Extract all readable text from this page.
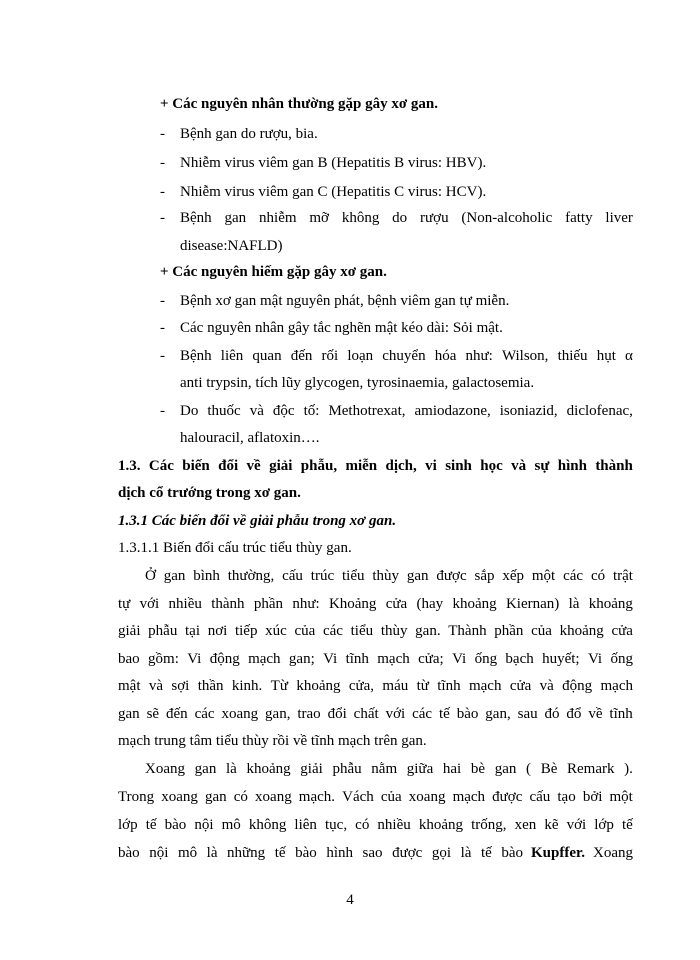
+ Các nguyên nhân thường gặp gây xơ gan.
- Bệnh gan do rượu, bia.
- Nhiễm virus viêm gan B (Hepatitis B virus: HBV).
- Nhiễm virus viêm gan C (Hepatitis C virus: HCV).
- Bệnh gan nhiễm mỡ không do rượu (Non-alcoholic fatty liver
disease:NAFLD)
+ Các nguyên hiếm gặp gây xơ gan.
- Bệnh xơ gan mật nguyên phát, bệnh viêm gan tự miễn.
- Các nguyên nhân gây tắc nghẽn mật kéo dài: Sỏi mật.
- Bệnh liên quan đến rối loạn chuyển hóa như: Wilson, thiếu hụt α
anti trypsin, tích lũy glycogen, tyrosinaemia, galactosemia.
- Do thuốc và độc tố: Methotrexat, amiodazone, isoniazid, diclofenac,
halouracil, aflatoxin….
1.3. Các biến đổi về giải phẫu, miễn dịch, vi sinh học và sự hình thành
dịch cổ trướng trong xơ gan.
1.3.1 Các biến đổi về giải phẫu trong xơ gan.
1.3.1.1 Biến đổi cấu trúc tiểu thùy gan.
Ở gan bình thường, cấu trúc tiểu thùy gan được sắp xếp một các có trật
tự với nhiều thành phần như: Khoảng cửa (hay khoảng Kiernan) là khoảng
giải phẫu tại nơi tiếp xúc của các tiểu thùy gan. Thành phần của khoảng cửa
bao gồm: Vi động mạch gan; Vi tĩnh mạch cửa; Vi ống bạch huyết; Vi ống
mật và sợi thần kinh. Từ khoảng cửa, máu từ tĩnh mạch cửa và động mạch
gan sẽ đến các xoang gan, trao đổi chất với các tế bào gan, sau đó đổ về tĩnh
mạch trung tâm tiểu thùy rồi về tĩnh mạch trên gan.
Xoang gan là khoảng giải phẫu nằm giữa hai bè gan ( Bè Remark ).
Trong xoang gan có xoang mạch. Vách của xoang mạch được cấu tạo bởi một
lớp tế bào nội mô không liên tục, có nhiều khoảng trống, xen kẽ với lớp tế
bào nội mô là những tế bào hình sao được gọi là tế bào Kupffer. Xoang
4
